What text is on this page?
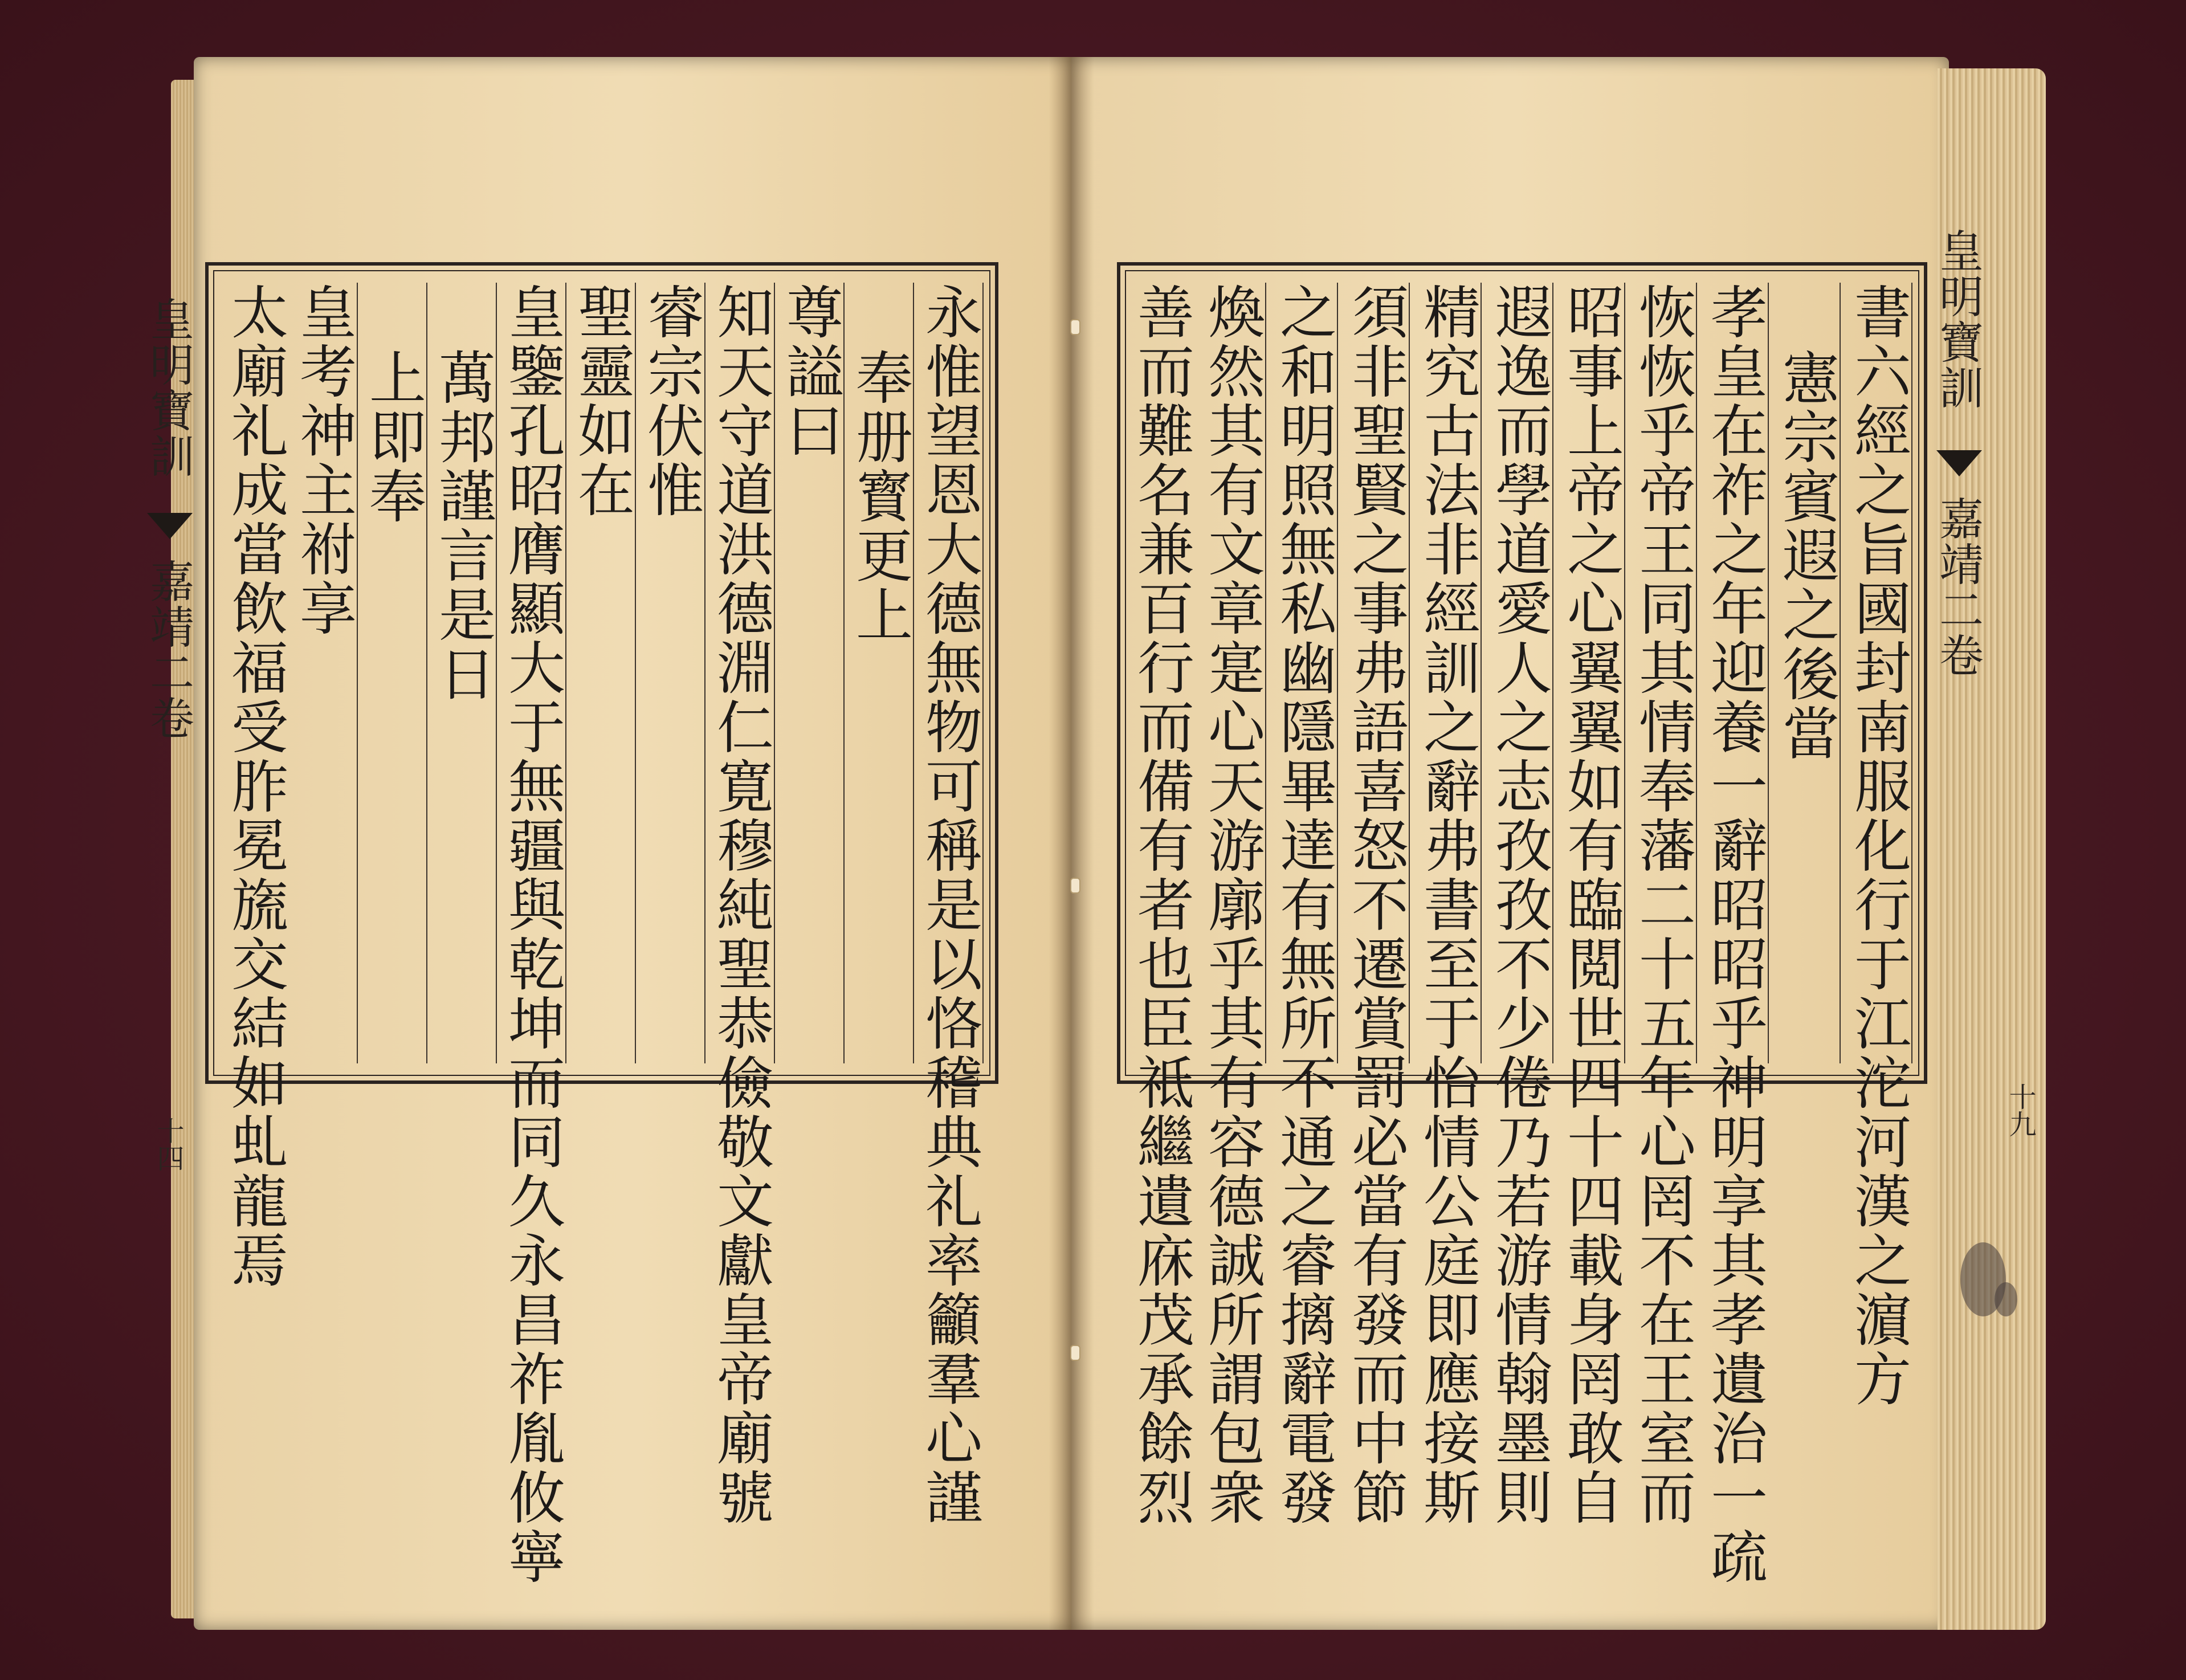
永惟望恩大德無物可稱是以恪稽典礼率籲羣心謹
奉册寳更上
尊謚曰
知天守道洪德淵仁寛穆純聖恭儉敬文獻皇帝廟號
睿宗伏惟
聖靈如在
皇鑒孔昭膺顯大于無疆與乾坤而同久永昌祚胤攸寧
萬邦謹言是日
上即奉
皇考神主祔享
太廟礼成當飲福受胙冕旒交結如虬龍焉
皇明寶訓
嘉靖二卷
十四	書六經之旨國封南服化行于江沱河漢之濵方
憲宗賓遐之後當
孝皇在祚之年迎養一辭昭昭乎神明享其孝遺治一疏
恢恢乎帝王同其情奉藩二十五年心罔不在王室而
昭事上帝之心翼翼如有臨閲世四十四載身罔敢自
遐逸而學道愛人之志孜孜不少倦乃若游情翰墨則
精究古法非經訓之辭弗書至于怡情公庭即應接斯
須非聖賢之事弗語喜怒不遷賞罰必當有發而中節
之和明照無私幽隱畢達有無所不通之睿摛辭電發
煥然其有文章寔心天游廓乎其有容德誠所謂包衆
善而難名兼百行而備有者也臣祗繼遺庥茂承餘烈	皇明寶訓
嘉靖二卷
十九
